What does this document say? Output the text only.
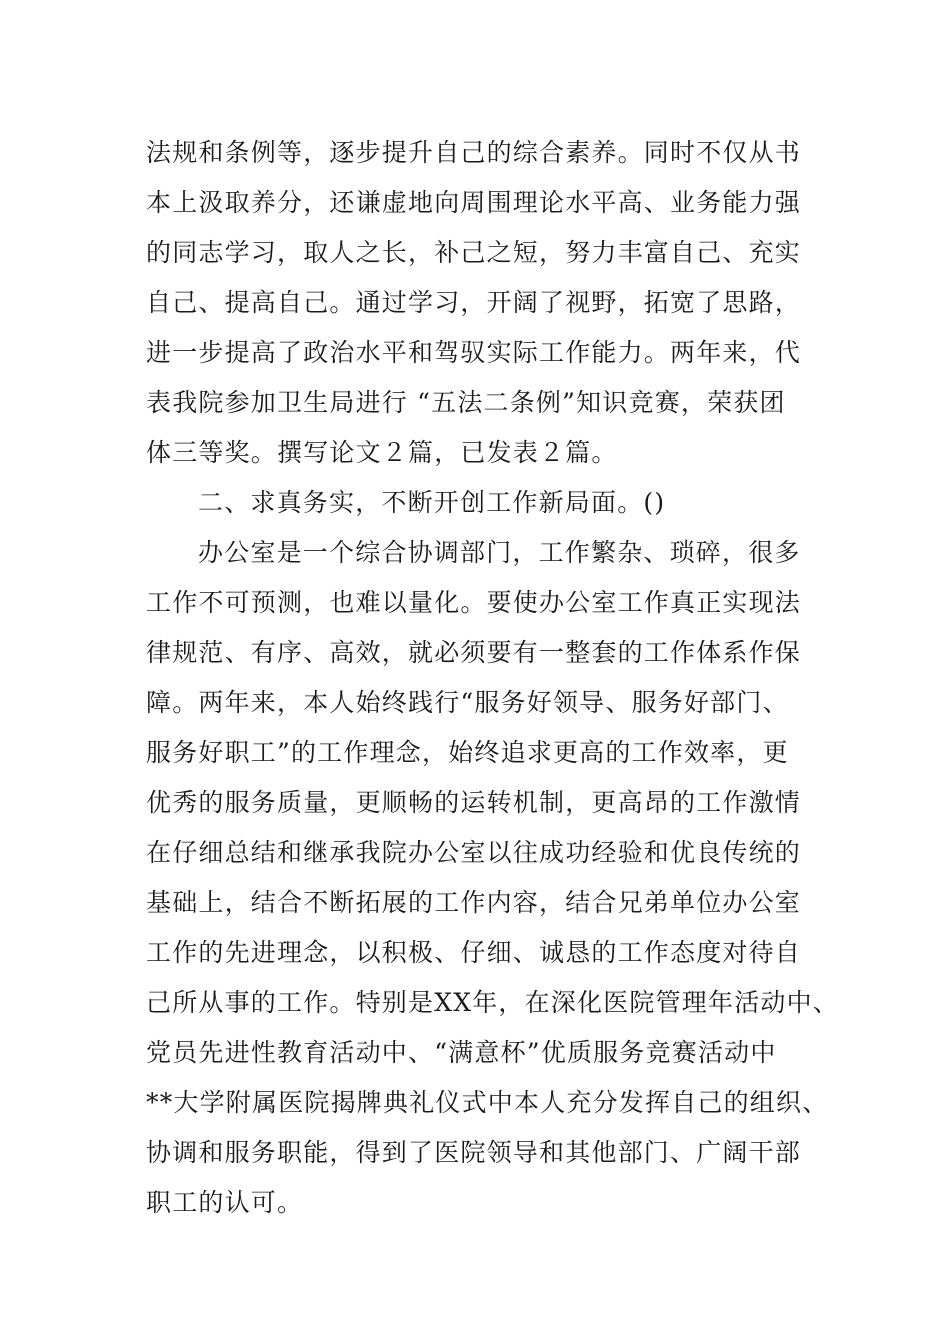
法规和条例等，逐步提升自己的综合素养。同时不仅从书
本上汲取养分，还谦虚地向周围理论水平高、业务能力强
的同志学习，取人之长，补己之短，努力丰富自己、充实
自己、提高自己。通过学习，开阔了视野，拓宽了思路，
进一步提高了政治水平和驾驭实际工作能力。两年来，代
表我院参加卫生局进行 “五法二条例”知识竞赛，荣获团
体三等奖。撰写论文２篇，已发表２篇。
二、求真务实，不断开创工作新局面。()
办公室是一个综合协调部门，工作繁杂、琐碎，很多
工作不可预测，也难以量化。要使办公室工作真正实现法
律规范、有序、高效，就必须要有一整套的工作体系作保
障。两年来，本人始终践行“服务好领导、服务好部门、
服务好职工”的工作理念，始终追求更高的工作效率，更
优秀的服务质量，更顺畅的运转机制，更高昂的工作激情
在仔细总结和继承我院办公室以往成功经验和优良传统的
基础上，结合不断拓展的工作内容，结合兄弟单位办公室
工作的先进理念，以积极、仔细、诚恳的工作态度对待自
己所从事的工作。特别是XX年，在深化医院管理年活动中、
党员先进性教育活动中、“满意杯”优质服务竞赛活动中
**大学附属医院揭牌典礼仪式中本人充分发挥自己的组织、
协调和服务职能，得到了医院领导和其他部门、广阔干部
职工的认可。
